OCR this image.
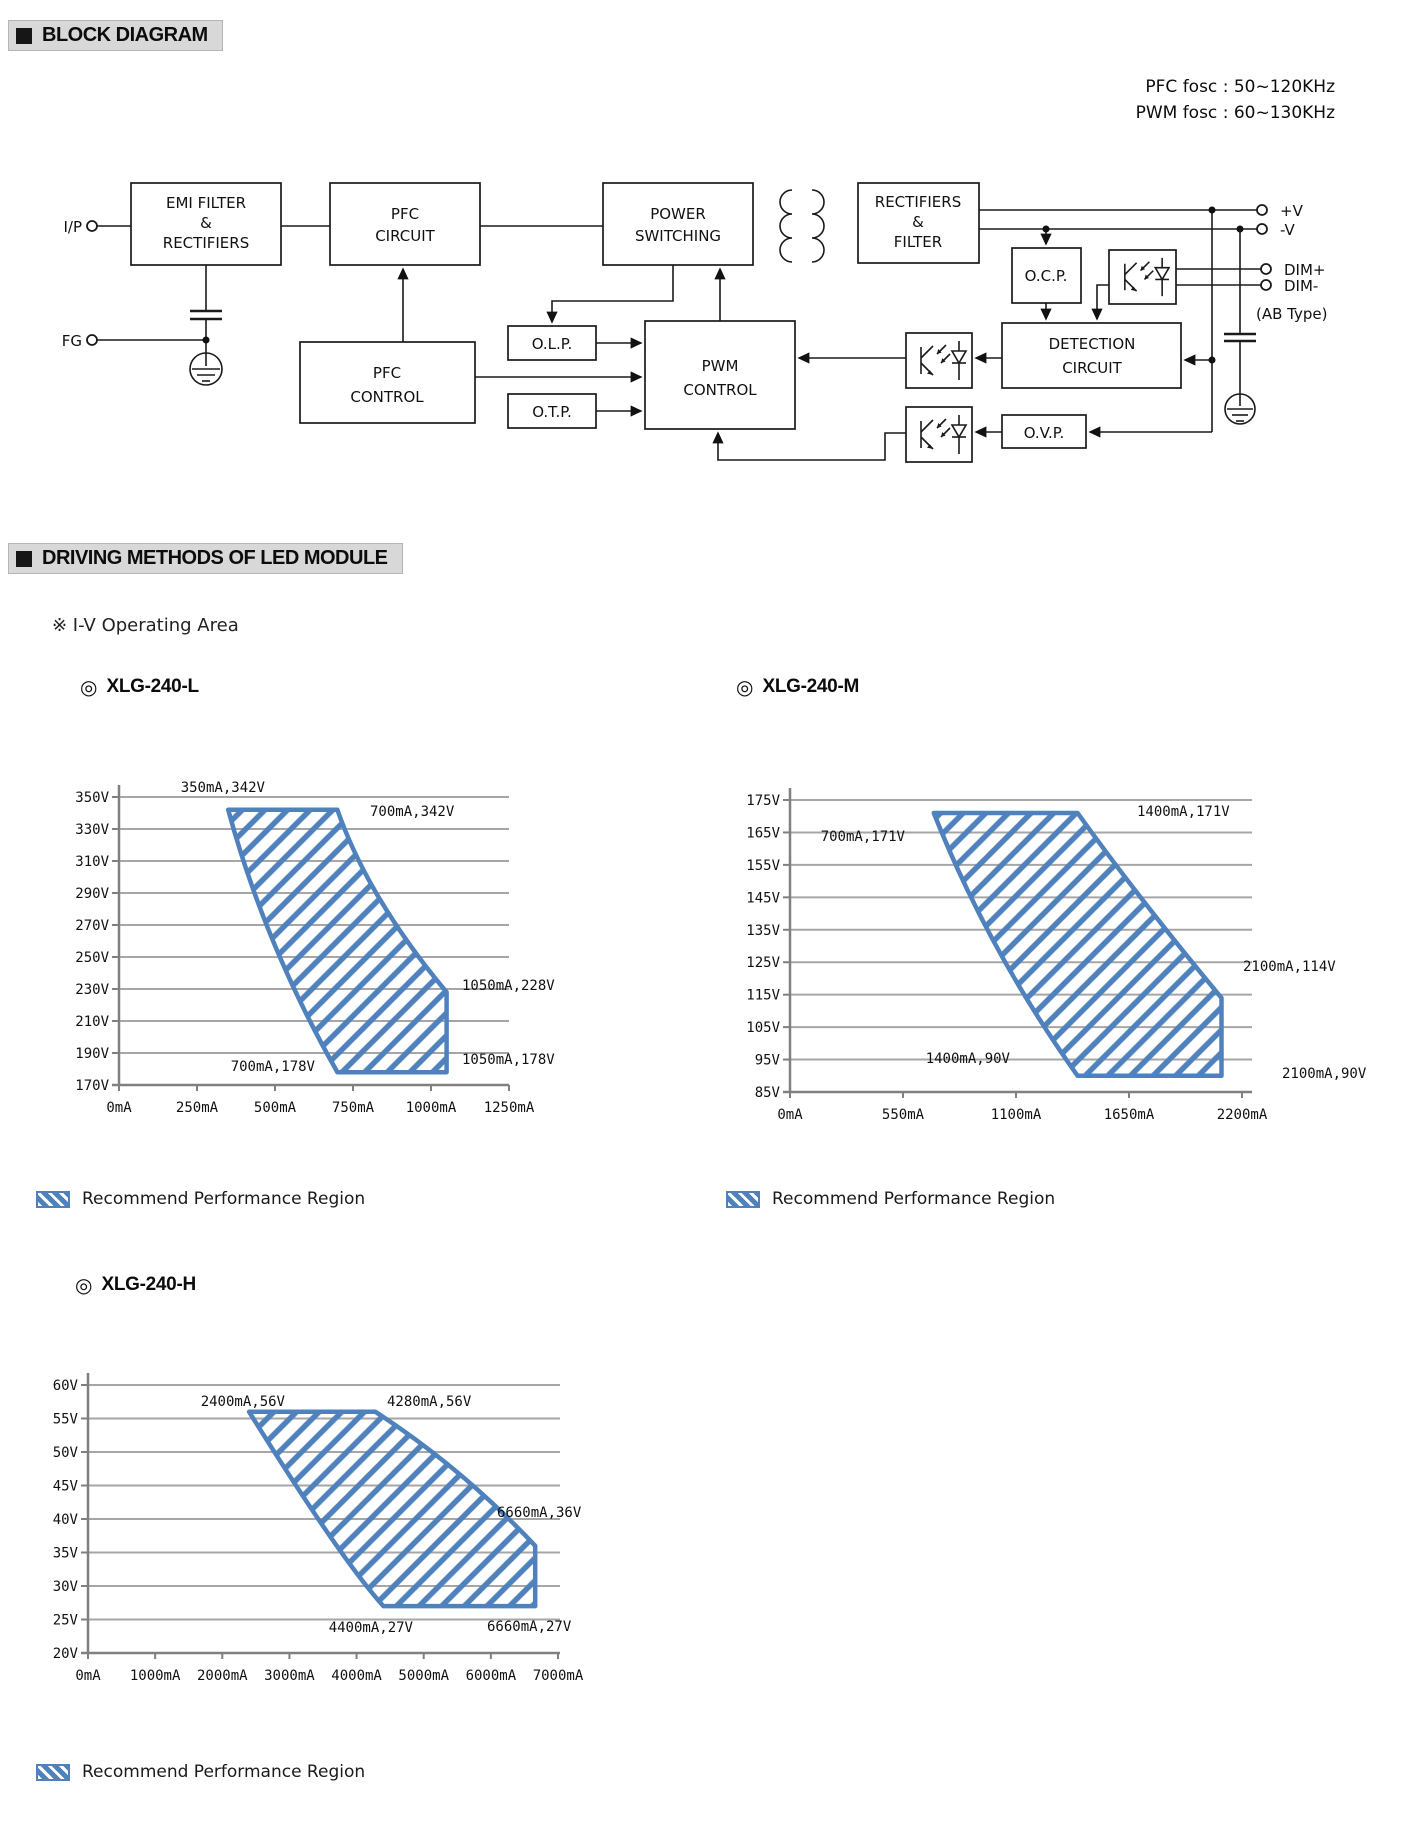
BLOCK DIAGRAM
PFC fosc : 50~120KHz
PWM fosc : 60~130KHz
EMI FILTER
&
RECTIFIERS
PFC
CIRCUIT
POWER
SWITCHING
RECTIFIERS
&
FILTER
O.C.P.
DETECTION
CIRCUIT
O.V.P.
PWM
CONTROL
PFC
CONTROL
O.L.P.
O.T.P.
I/P
FG
+V
-V
DIM+
DIM-
(AB Type)
DRIVING METHODS OF LED MODULE
※ I-V Operating Area
◎ XLG-240-L	◎ XLG-240-M
◎ XLG-240-H
350V
330V
310V
290V
270V
250V
230V
210V
190V
170V
0mA	250mA	500mA	750mA 1000mA 1250mA
350mA,342V
700mA,342V
1050mA,228V
1050mA,178V
700mA,178V
175V
165V
155V
145V
135V
125V
115V
105V
95V
85V
0mA	550mA	1100mA	1650mA	2200mA
700mA,171V
1400mA,171V
2100mA,114V
2100mA,90V
1400mA,90V
60V
55V
50V
45V
40V
35V
30V
25V
20V
0mA 1000mA 2000mA 3000mA 4000mA 5000mA 6000mA 7000mA
2400mA,56V	4280mA,56V
6660mA,36V
4400mA,27V	6660mA,27V
Recommend Performance Region	Recommend Performance Region
Recommend Performance Region
